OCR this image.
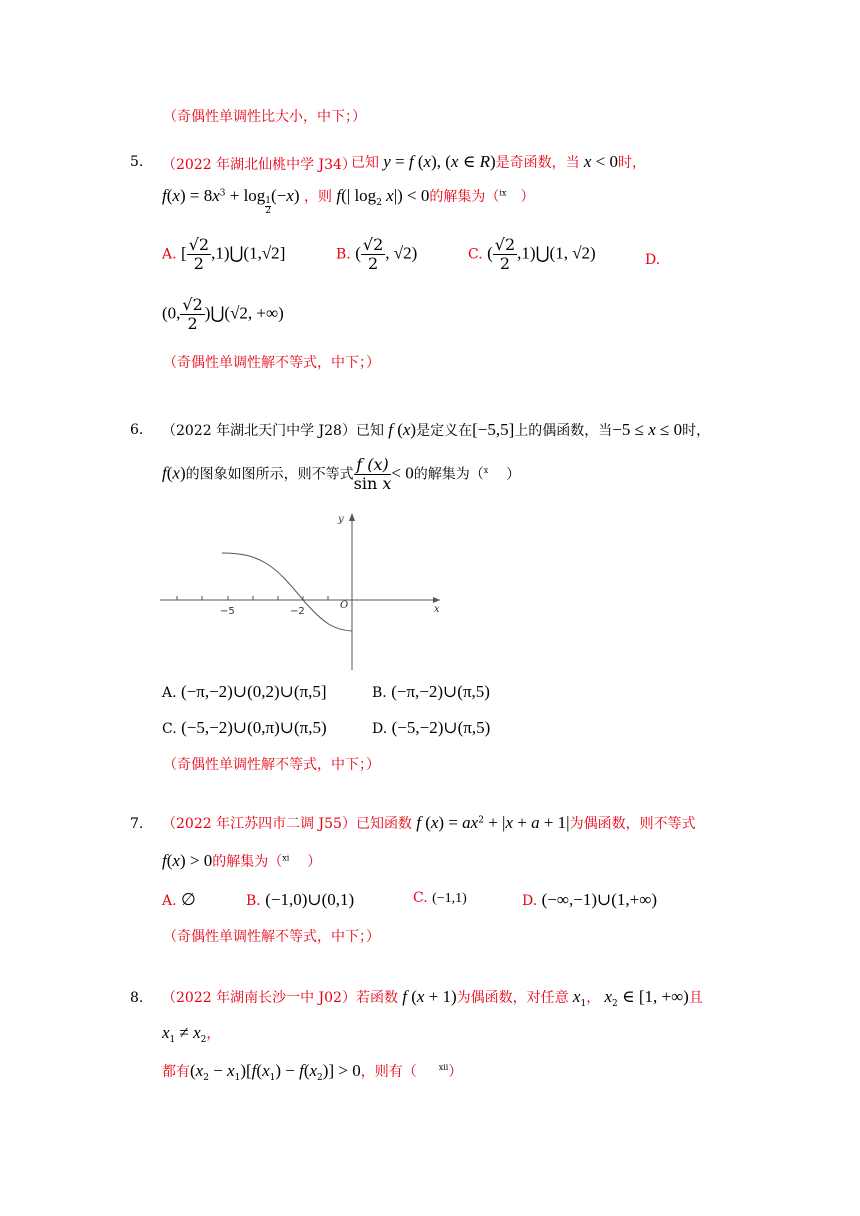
（奇偶性单调性比大小，中下；）
5. （2022 年湖北仙桃中学 J34）
已知 y = f (x), (x ∈ R)是奇函数，当 x < 0时，
$f(x) = 8x^3 + \log$
$\frac{1}{2}$
(−x) ，则 f(| $\log_2 x|) < 0$的解集为（$^{ix}$ ）
A. [ $\frac{√2}{2}$ ,1)⋃(1,√2]	B. ( $\frac{√2}{2}$ , √2)	C. ( $\frac{√2}{2}$ ,1)⋃(1, √2)	D.
(0, $\frac{√2}{2}$ )⋃(√2, +∞)
（奇偶性单调性解不等式，中下；）
6. （2022 年湖北天门中学 J28）已知 f (x)是定义在[−5,5]上的偶函数，当−5 ≤ x ≤ 0时，
f(x)的图象如图所示，则不等式 $\frac{f (x)}{\text{sin x}} < 0$的解集为（$^x$ ）
−5	−2
O
y
x
A. (−π,−2)∪(0,2)∪(π,5]	B. (−π,−2)∪(π,5)
C. (−5,−2)∪(0,π)∪(π,5)	D. (−5,−2)∪(π,5)
（奇偶性单调性解不等式，中下；）
7. （2022 年江苏四市二调 J55）已知函数 f $(x) = ax^2 + |x + a + 1|$为偶函数，则不等式
f(x) > 0的解集为（$^{xi}$ ）
A. ∅	B. (−1,0)∪(0,1)	C. (−1,1)	D. (−∞,−1)∪(1,+∞)
（奇偶性单调性解不等式，中下；）
8. （2022 年湖南长沙一中 J02）若函数 f (x + 1)为偶函数，对任意 $x_1$， $x_2$ ∈ [1, +∞)且
$x_1 \ne x_2$，
都有$(x_2 - x_1)[f(x_1) - f(x_2)] > 0$，则有（	$^{xii}$）
